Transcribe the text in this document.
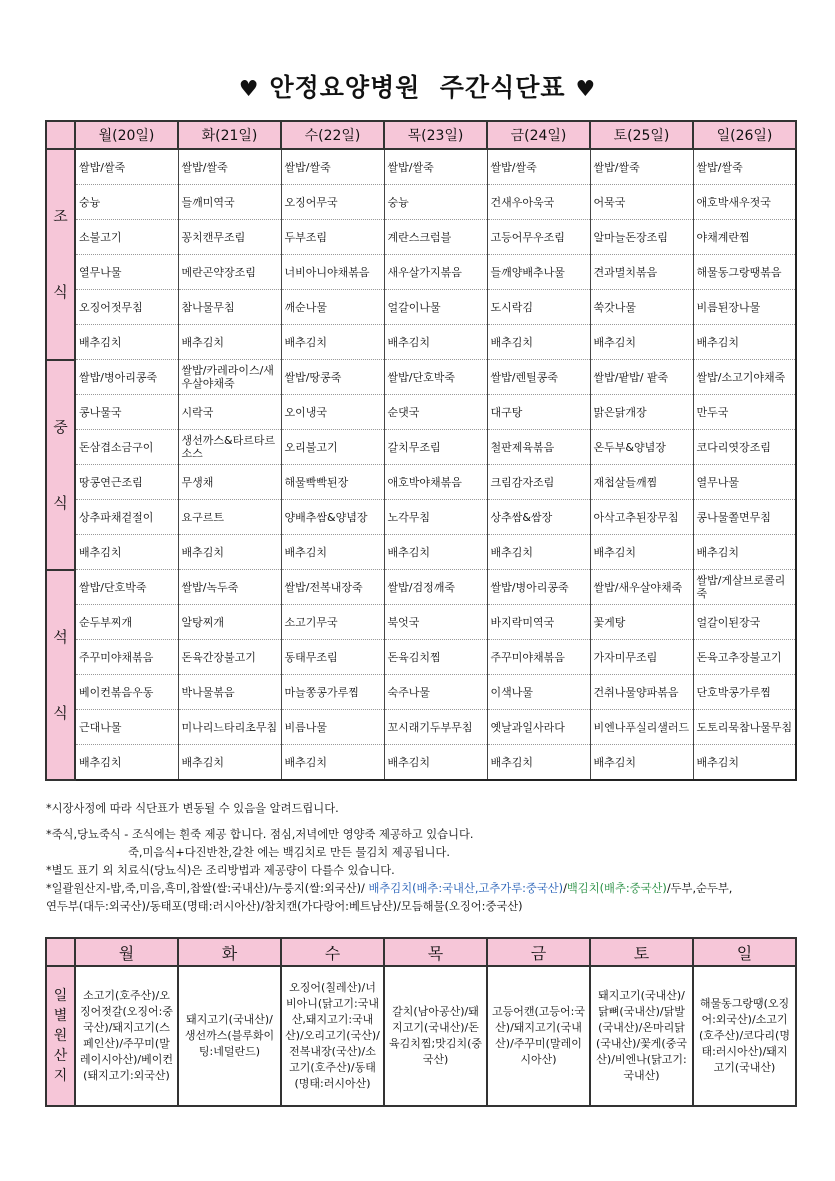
♥ 안정요양병원  주간식단표 ♥
	월(20일)	화(21일)	수(22일)	목(23일)	금(24일)	토(25일)	일(26일)
조

식	쌀밥/쌀죽	쌀밥/쌀죽	쌀밥/쌀죽	쌀밥/쌀죽	쌀밥/쌀죽	쌀밥/쌀죽	쌀밥/쌀죽
	숭늉	들깨미역국	오징어무국	숭늉	건새우아욱국	어묵국	애호박새우젓국
	소불고기	꽁치캔무조림	두부조림	계란스크럼블	고등어무우조림	알마늘돈장조림	야채계란찜
	열무나물	메란곤약장조림	너비아니야채볶음	새우살가지볶음	들깨양배추나물	견과멸치볶음	해물동그랑땡볶음
	오징어젓무침	참나물무침	깨순나물	얼갈이나물	도시락김	쑥갓나물	비름된장나물
	배추김치	배추김치	배추김치	배추김치	배추김치	배추김치	배추김치
중

식	쌀밥/병아리콩죽	쌀밥/카레라이스/새우살야채죽	쌀밥/땅콩죽	쌀밥/단호박죽	쌀밥/렌틸콩죽	쌀밥/팥밥/ 팥죽	쌀밥/소고기야채죽
	콩나물국	시락국	오이냉국	순댓국	대구탕	맑은닭개장	만두국
	돈삼겹소금구이	생선까스&타르타르소스	오리불고기	갈치무조림	철판제육볶음	온두부&양념장	코다리엿장조림
	땅콩연근조림	무생채	해물빡빡된장	애호박야채볶음	크림감자조림	재첩살들깨찜	열무나물
	상추파채겉절이	요구르트	양배추쌈&양념장	노각무침	상추쌈&쌈장	아삭고추된장무침	콩나물쫄면무침
	배추김치	배추김치	배추김치	배추김치	배추김치	배추김치	배추김치
석

식	쌀밥/단호박죽	쌀밥/녹두죽	쌀밥/전복내장죽	쌀밥/검정깨죽	쌀밥/병아리콩죽	쌀밥/새우살야채죽	쌀밥/게살브로콜리죽
	순두부찌개	알탕찌개	소고기무국	북엇국	바지락미역국	꽃게탕	얼갈이된장국
	주꾸미야채볶음	돈육간장불고기	동태무조림	돈육김치찜	주꾸미야채볶음	가자미무조림	돈육고추장불고기
	베이컨볶음우동	박나물볶음	마늘쫑콩가루찜	숙주나물	이색나물	건취나물양파볶음	단호박콩가루찜
	근대나물	미나리느타리초무침	비름나물	꼬시래기두부무침	옛날과일사라다	비엔나푸실리샐러드	도토리묵참나물무침
	배추김치	배추김치	배추김치	배추김치	배추김치	배추김치	배추김치

*시장사정에 따라 식단표가 변동될 수 있음을 알려드립니다.

*죽식,당뇨죽식 - 조식에는 흰죽 제공 합니다. 점심,저녁에만 영양죽 제공하고 있습니다.

죽,미음식+다진반찬,갈찬 에는 백김치로 만든 물김치 제공됩니다.

*별도 표기 외 치료식(당뇨식)은 조리방법과 제공량이 다를수 있습니다.

*일괄원산지-밥,죽,미음,흑미,찹쌀(쌀:국내산)/누룽지(쌀:외국산)/ 배추김치(배추:국내산,고추가루:중국산)/백김치(배추:중국산)/두부,순두부,

연두부(대두:외국산)/동태포(명태:러시아산)/참치캔(가다랑어:베트남산)/모듬해물(오징어:중국산)

	월	화	수	목	금	토	일
일
별
원
산
지	소고기(호주산)/오징어젓갈(오징어:중국산)/돼지고기(스페인산)/주꾸미(말레이시아산)/베이컨(돼지고기:외국산)	돼지고기(국내산)/생선까스(블루화이팅:네덜란드)	오징어(칠레산)/너비아니(닭고기:국내산,돼지고기:국내산)/오리고기(국산)/전복내장(국산)/소고기(호주산)/동태(명태:러시아산)	갈치(남아공산)/돼지고기(국내산)/돈육김치찜;맛김치(중국산)	고등어캔(고등어:국산)/돼지고기(국내산)/주꾸미(말레이시아산)	돼지고기(국내산)/닭뼈(국내산)/닭발(국내산)/온마리닭(국내산)/꽃게(중국산)/비엔나(닭고기:국내산)	해물동그랑땡(오징어:외국산)/소고기(호주산)/코다리(명태:러시아산)/돼지고기(국내산)
